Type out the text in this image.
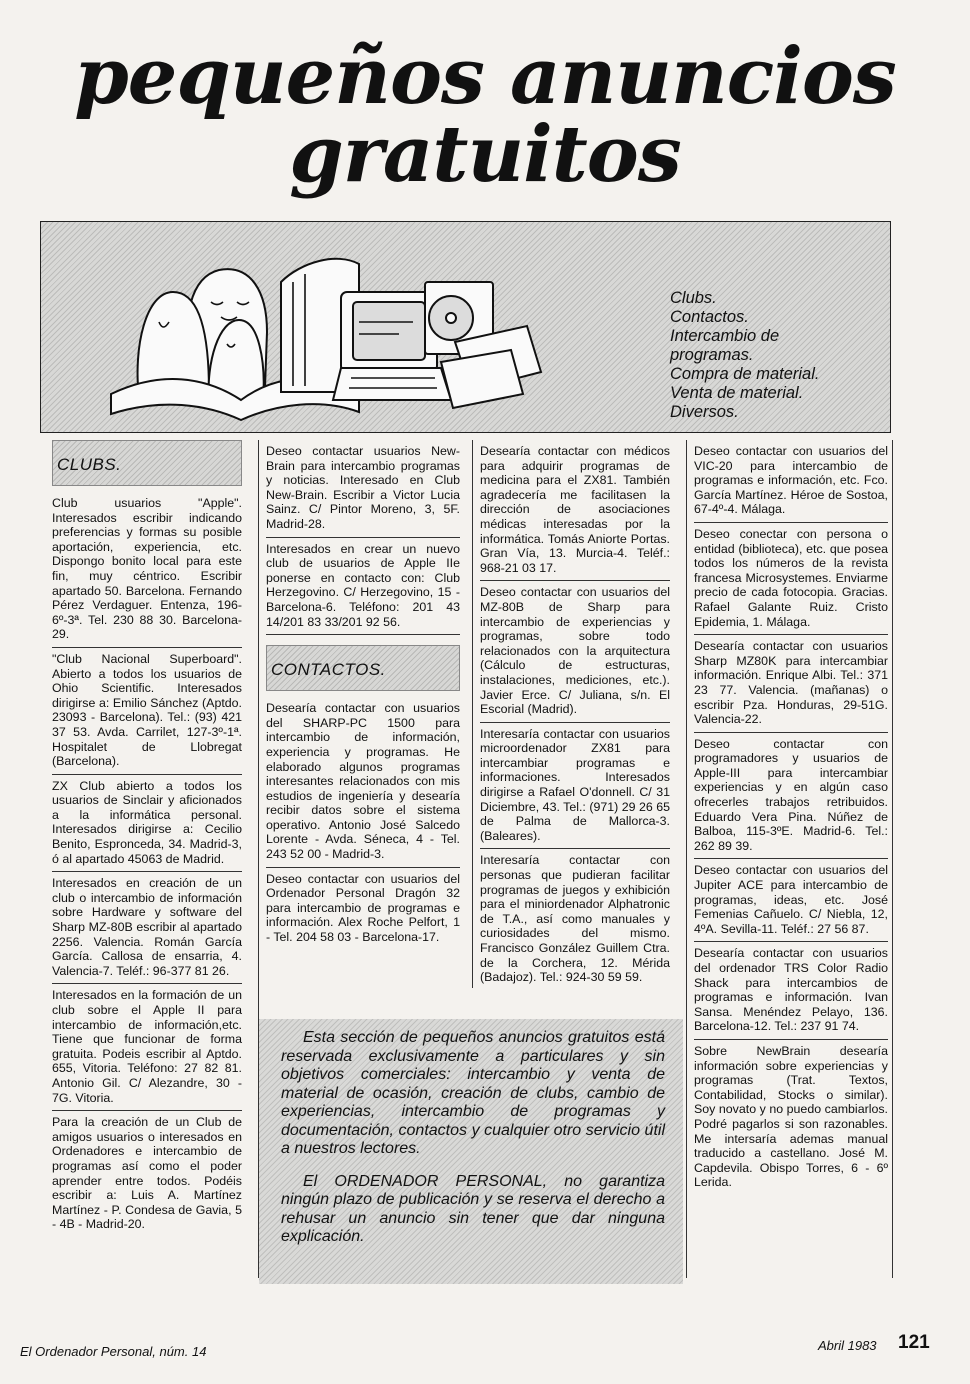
pequeños anuncios
gratuitos
Clubs.
Contactos.
Intercambio de
programas.
Compra de material.
Venta de material.
Diversos.
CLUBS.
Club usuarios "Apple". Interesados escribir indicando preferencias y formas su posible aportación, experiencia, etc. Dispongo bonito local para este fin, muy céntrico. Escribir apartado 50. Barcelona. Fernando Pérez Verdaguer. Entenza, 196-6º-3ª. Tel. 230 88 30. Barcelona-29.
"Club Nacional Superboard". Abierto a todos los usuarios de Ohio Scientific. Interesados dirigirse a: Emilio Sánchez (Aptdo. 23093 - Barcelona). Tel.: (93) 421 37 53. Avda. Carrilet, 127-3º-1ª. Hospitalet de Llobregat (Barcelona).
ZX Club abierto a todos los usuarios de Sinclair y aficionados a la informática personal. Interesados dirigirse a: Cecilio Benito, Espronceda, 34. Madrid-3, ó al apartado 45063 de Madrid.
Interesados en creación de un club o intercambio de información sobre Hardware y software del Sharp MZ-80B escribir al apartado 2256. Valencia. Román García García. Callosa de ensarria, 4. Valencia-7. Teléf.: 96-377 81 26.
Interesados en la formación de un club sobre el Apple II para intercambio de información,etc. Tiene que funcionar de forma gratuita. Podeis escribir al Aptdo. 655, Vitoria. Teléfono: 27 82 81. Antonio Gil. C/ Alezandre, 30 - 7G. Vitoria.
Para la creación de un Club de amigos usuarios o interesados en Ordenadores e intercambio de programas así como el poder aprender entre todos. Podéis escribir a: Luis A. Martínez Martínez - P. Condesa de Gavia, 5 - 4B - Madrid-20.
Deseo contactar usuarios New-Brain para intercambio programas y noticias. Interesado en Club New-Brain. Escribir a Victor Lucia Sainz. C/ Pintor Moreno, 3, 5F. Madrid-28.
Interesados en crear un nuevo club de usuarios de Apple IIe ponerse en contacto con: Club Herzegovino. C/ Herzegovino, 15 - Barcelona-6. Teléfono: 201 43 14/201 83 33/201 92 56.
CONTACTOS.
Desearía contactar con usuarios del SHARP-PC 1500 para intercambio de información, experiencia y programas. He elaborado algunos programas interesantes relacionados con mis estudios de ingeniería y desearía recibir datos sobre el sistema operativo. Antonio José Salcedo Lorente - Avda. Séneca, 4 - Tel. 243 52 00 - Madrid-3.
Deseo contactar con usuarios del Ordenador Personal Dragón 32 para intercambio de programas e información. Alex Roche Pelfort, 1 - Tel. 204 58 03 - Barcelona-17.
Desearía contactar con médicos para adquirir programas de medicina para el ZX81. También agradecería me facilitasen la dirección de asociaciones médicas interesadas por la informática. Tomás Aniorte Portas. Gran Vía, 13. Murcia-4. Teléf.: 968-21 03 17.
Deseo contactar con usuarios del MZ-80B de Sharp para intercambio de experiencias y programas, sobre todo relacionados con la arquitectura (Cálculo de estructuras, instalaciones, mediciones, etc.). Javier Erce. C/ Juliana, s/n. El Escorial (Madrid).
Interesaría contactar con usuarios microordenador ZX81 para intercambiar programas e informaciones. Interesados dirigirse a Rafael O'donnell. C/ 31 Diciembre, 43. Tel.: (971) 29 26 65 de Palma de Mallorca-3. (Baleares).
Interesaría contactar con personas que pudieran facilitar programas de juegos y exhibición para el miniordenador Alphatronic de T.A., así como manuales y curiosidades del mismo. Francisco González Guillem Ctra. de la Corchera, 12. Mérida (Badajoz). Tel.: 924-30 59 59.
Deseo contactar con usuarios del VIC-20 para intercambio de programas e información, etc. Fco. García Martínez. Héroe de Sostoa, 67-4º-4. Málaga.
Deseo conectar con persona o entidad (biblioteca), etc. que posea todos los números de la revista francesa Microsystemes. Enviarme precio de cada fotocopia. Gracias. Rafael Galante Ruiz. Cristo Epidemia, 1. Málaga.
Desearía contactar con usuarios Sharp MZ80K para intercambiar información. Enrique Albi. Tel.: 371 23 77. Valencia. (mañanas) o escribir Pza. Honduras, 29-51G. Valencia-22.
Deseo contactar con programadores y usuarios de Apple-III para intercambiar experiencias y en algún caso ofrecerles trabajos retribuidos. Eduardo Vera Pina. Núñez de Balboa, 115-3ºE. Madrid-6. Tel.: 262 89 39.
Deseo contactar con usuarios del Jupiter ACE para intercambio de programas, ideas, etc. José Femenias Cañuelo. C/ Niebla, 12, 4ºA. Sevilla-11. Teléf.: 27 56 87.
Desearía contactar con usuarios del ordenador TRS Color Radio Shack para intercambios de programas e información. Ivan Sansa. Menéndez Pelayo, 136. Barcelona-12. Tel.: 237 91 74.
Sobre NewBrain desearía información sobre experiencias y programas (Trat. Textos, Contabilidad, Stocks o similar). Soy novato y no puedo cambiarlos. Podré pagarlos si son razonables. Me intersaría ademas manual traducido a castellano. José M. Capdevila. Obispo Torres, 6 - 6º Lerida.

Esta sección de pequeños anuncios gratuitos está reservada exclusivamente a particulares y sin objetivos comerciales: intercambio y venta de material de ocasión, creación de clubs, cambio de experiencias, intercambio de programas y documentación, contactos y cualquier otro servicio útil a nuestros lectores.

El ORDENADOR PERSONAL, no garantiza ningún plazo de publicación y se reserva el derecho a rehusar un anuncio sin tener que dar ninguna explicación.

El Ordenador Personal, núm. 14	Abril 1983 121
